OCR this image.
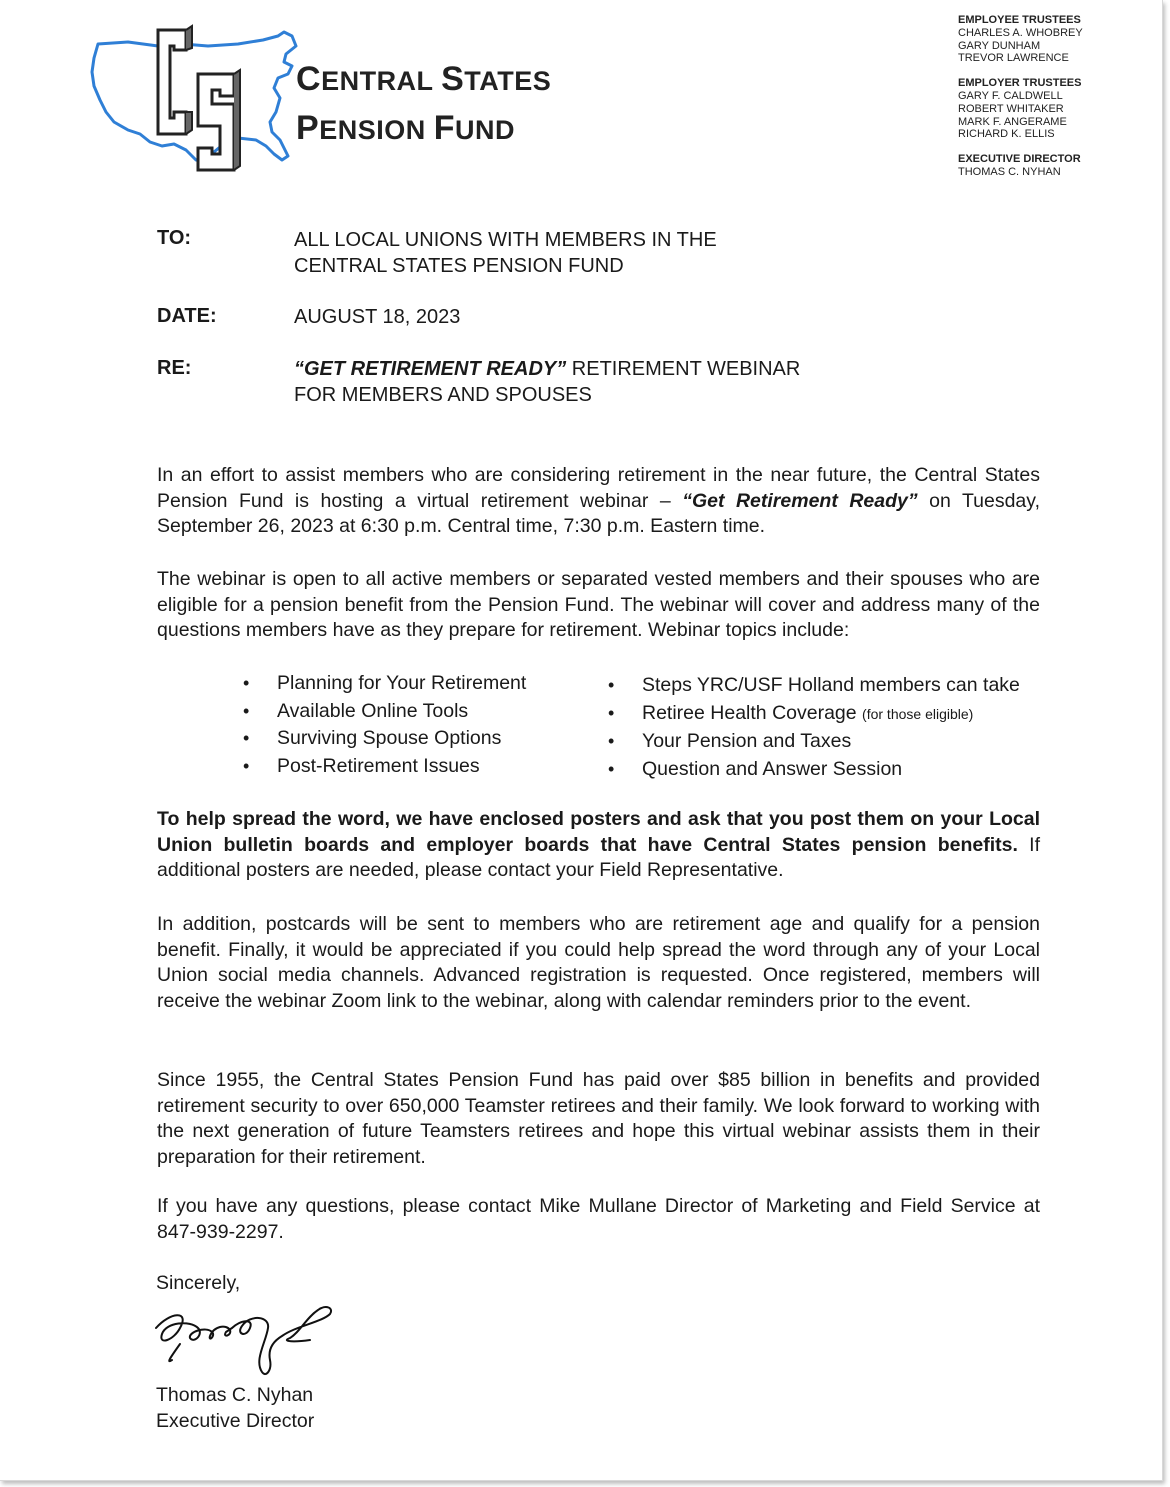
CENTRAL STATES
PENSION FUND
EMPLOYEE TRUSTEES
CHARLES A. WHOBREY
GARY DUNHAM
TREVOR LAWRENCE
EMPLOYER TRUSTEES
GARY F. CALDWELL
ROBERT WHITAKER
MARK F. ANGERAME
RICHARD K. ELLIS
EXECUTIVE DIRECTOR
THOMAS C. NYHAN
TO:	ALL LOCAL UNIONS WITH MEMBERS IN THE
CENTRAL STATES PENSION FUND
DATE:	AUGUST 18, 2023
RE:	“GET RETIREMENT READY” RETIREMENT WEBINAR
FOR MEMBERS AND SPOUSES
In an effort to assist members who are considering retirement in the near future, the Central States Pension Fund is hosting a virtual retirement webinar – “Get Retirement Ready” on Tuesday, September 26, 2023 at 6:30 p.m. Central time, 7:30 p.m. Eastern time.
The webinar is open to all active members or separated vested members and their spouses who are eligible for a pension benefit from the Pension Fund. The webinar will cover and address many of the questions members have as they prepare for retirement. Webinar topics include:
• Planning for Your Retirement
• Available Online Tools
• Surviving Spouse Options
• Post-Retirement Issues
• Steps YRC/USF Holland members can take
• Retiree Health Coverage (for those eligible)
• Your Pension and Taxes
• Question and Answer Session
To help spread the word, we have enclosed posters and ask that you post them on your Local Union bulletin boards and employer boards that have Central States pension benefits. If additional posters are needed, please contact your Field Representative.
In addition, postcards will be sent to members who are retirement age and qualify for a pension benefit. Finally, it would be appreciated if you could help spread the word through any of your Local Union social media channels. Advanced registration is requested. Once registered, members will receive the webinar Zoom link to the webinar, along with calendar reminders prior to the event.
Since 1955, the Central States Pension Fund has paid over $85 billion in benefits and provided retirement security to over 650,000 Teamster retirees and their family. We look forward to working with the next generation of future Teamsters retirees and hope this virtual webinar assists them in their preparation for their retirement.
If you have any questions, please contact Mike Mullane Director of Marketing and Field Service at 847-939-2297.
Sincerely,
Thomas C. Nyhan
Executive Director
